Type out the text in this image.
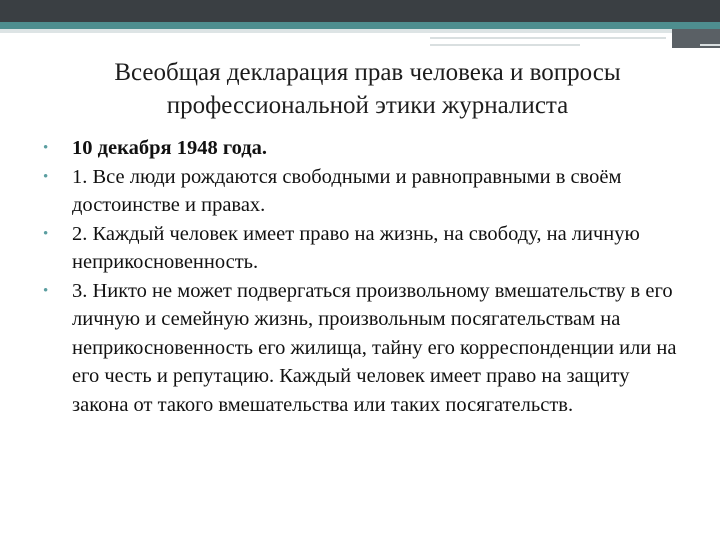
Всеобщая декларация прав человека и вопросы
профессиональной этики журналиста
• 10 декабря 1948 года.
• 1. Все люди рождаются свободными и равноправными в своём достоинстве и правах.
• 2. Каждый человек имеет право на жизнь, на свободу, на личную неприкосновенность.
• 3. Никто не может подвергаться произвольному вмешательству в его личную и семейную жизнь, произвольным посягательствам на неприкосновенность его жилища, тайну его корреспонденции или на его честь и репутацию. Каждый человек имеет право на защиту закона от такого вмешательства или таких посягательств.
